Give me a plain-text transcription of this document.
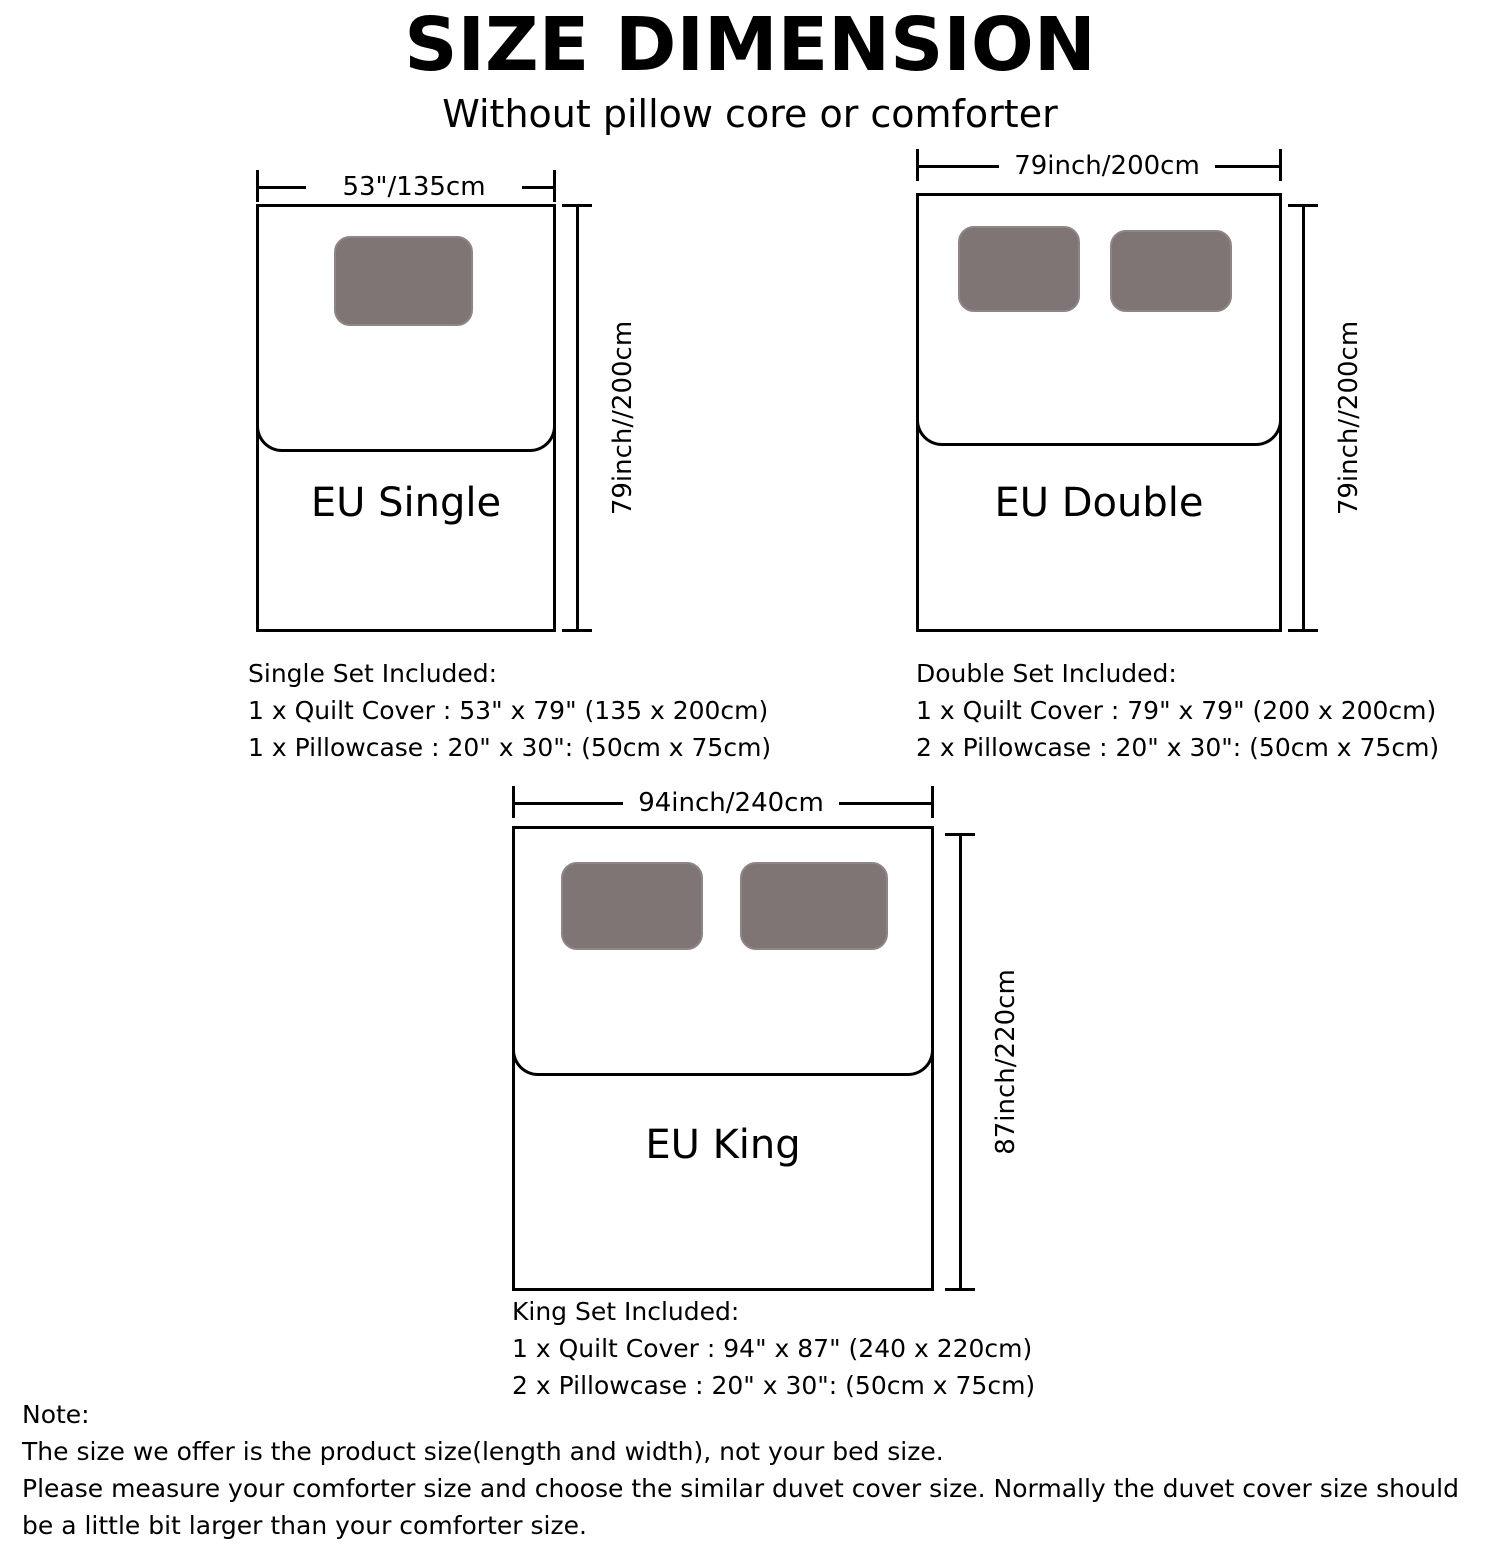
SIZE DIMENSION
Without pillow core or comforter
53"/135cm
79inch//200cm
EU Single
Single Set Included:
1 x Quilt Cover : 53" x 79" (135 x 200cm)
1 x Pillowcase : 20" x 30": (50cm x 75cm)
79inch/200cm
79inch//200cm
EU Double
Double Set Included:
1 x Quilt Cover : 79" x 79" (200 x 200cm)
2 x Pillowcase : 20" x 30": (50cm x 75cm)
94inch/240cm
87inch/220cm
EU King
King Set Included:
1 x Quilt Cover : 94" x 87" (240 x 220cm)
2 x Pillowcase : 20" x 30": (50cm x 75cm)
Note:
The size we offer is the product size(length and width), not your bed size.
Please measure your comforter size and choose the similar duvet cover size. Normally the duvet cover size should be a little bit larger than your comforter size.
